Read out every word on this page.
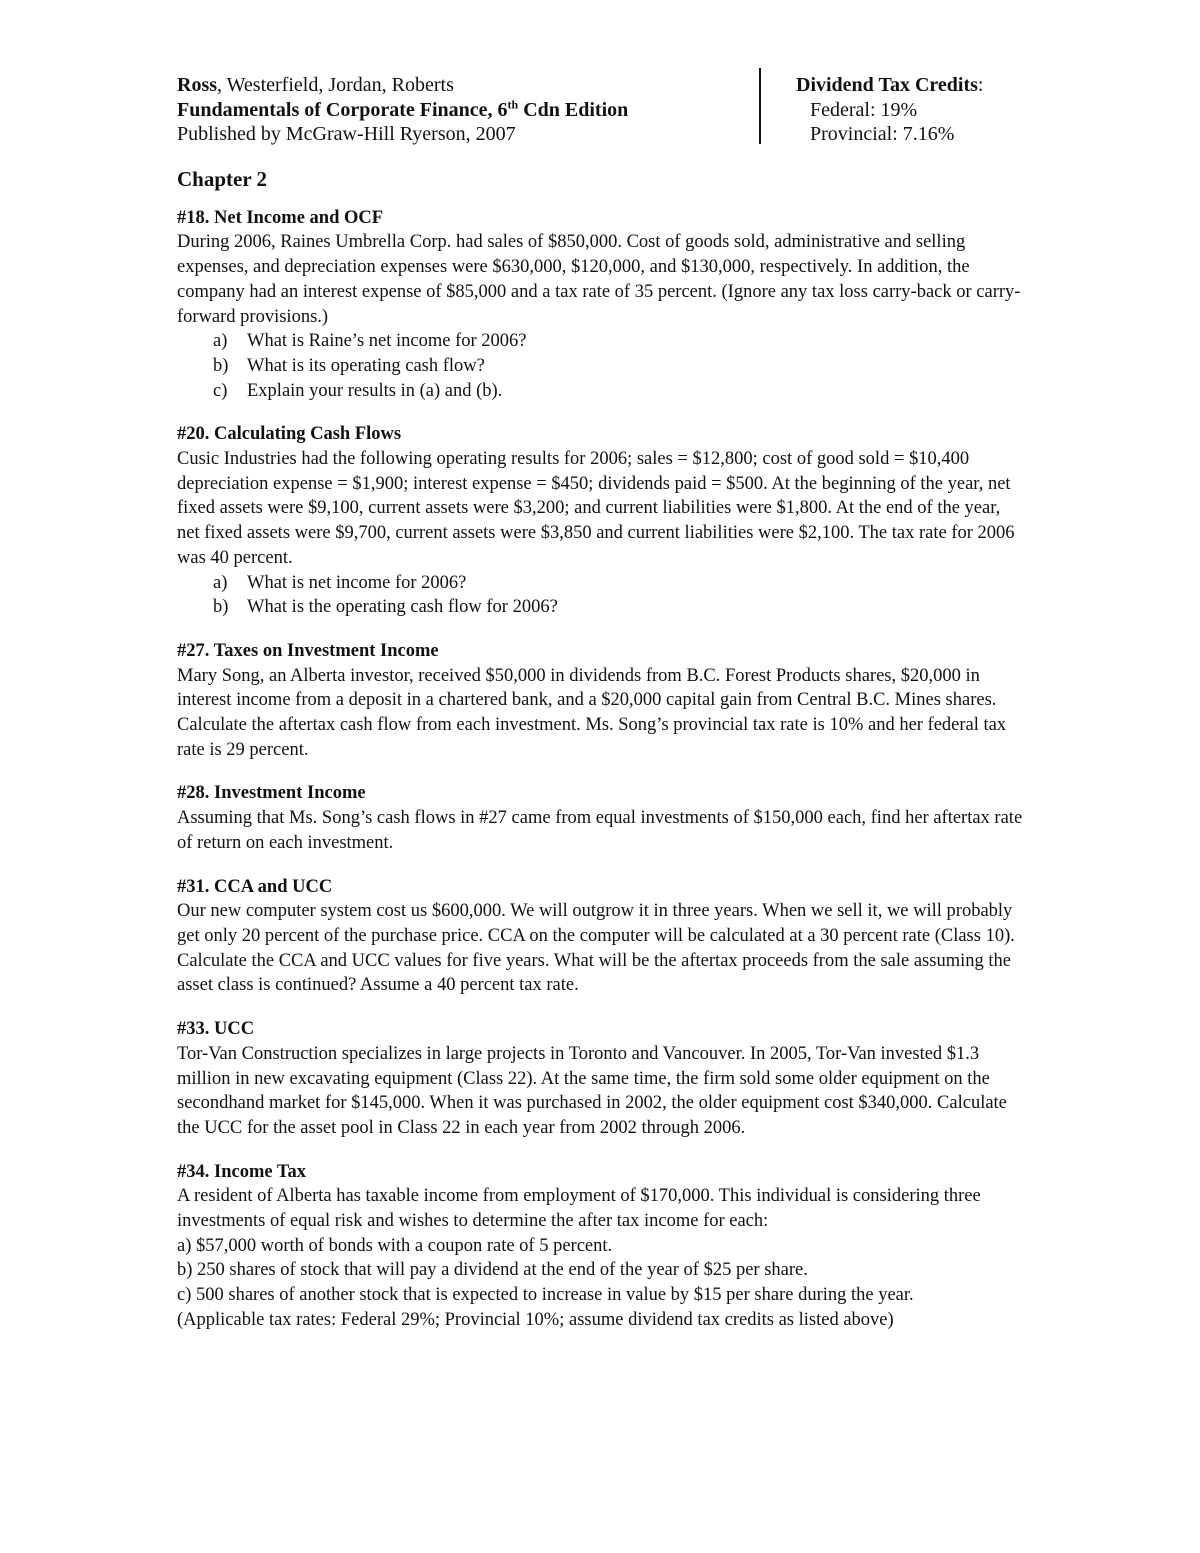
Ross, Westerfield, Jordan, Roberts
Fundamentals of Corporate Finance, 6th Cdn Edition
Published by McGraw-Hill Ryerson, 2007
Dividend Tax Credits:
Federal: 19%
Provincial: 7.16%
Chapter 2
#18. Net Income and OCF
During 2006, Raines Umbrella Corp. had sales of $850,000. Cost of goods sold, administrative and selling expenses, and depreciation expenses were $630,000, $120,000, and $130,000, respectively. In addition, the company had an interest expense of $85,000 and a tax rate of 35 percent. (Ignore any tax loss carry-back or carry-forward provisions.)
a) What is Raine’s net income for 2006?
b) What is its operating cash flow?
c) Explain your results in (a) and (b).
#20. Calculating Cash Flows
Cusic Industries had the following operating results for 2006; sales = $12,800; cost of good sold = $10,400 depreciation expense = $1,900; interest expense = $450; dividends paid = $500. At the beginning of the year, net fixed assets were $9,100, current assets were $3,200; and current liabilities were $1,800. At the end of the year, net fixed assets were $9,700, current assets were $3,850 and current liabilities were $2,100. The tax rate for 2006 was 40 percent.
a) What is net income for 2006?
b) What is the operating cash flow for 2006?
#27. Taxes on Investment Income
Mary Song, an Alberta investor, received $50,000 in dividends from B.C. Forest Products shares, $20,000 in interest income from a deposit in a chartered bank, and a $20,000 capital gain from Central B.C. Mines shares. Calculate the aftertax cash flow from each investment. Ms. Song’s provincial tax rate is 10% and her federal tax rate is 29 percent.
#28. Investment Income
Assuming that Ms. Song’s cash flows in #27 came from equal investments of $150,000 each, find her aftertax rate of return on each investment.
#31. CCA and UCC
Our new computer system cost us $600,000. We will outgrow it in three years. When we sell it, we will probably get only 20 percent of the purchase price. CCA on the computer will be calculated at a 30 percent rate (Class 10). Calculate the CCA and UCC values for five years. What will be the aftertax proceeds from the sale assuming the asset class is continued? Assume a 40 percent tax rate.
#33. UCC
Tor-Van Construction specializes in large projects in Toronto and Vancouver. In 2005, Tor-Van invested $1.3 million in new excavating equipment (Class 22). At the same time, the firm sold some older equipment on the secondhand market for $145,000. When it was purchased in 2002, the older equipment cost $340,000. Calculate the UCC for the asset pool in Class 22 in each year from 2002 through 2006.
#34. Income Tax
A resident of Alberta has taxable income from employment of $170,000. This individual is considering three investments of equal risk and wishes to determine the after tax income for each:
a) $57,000 worth of bonds with a coupon rate of 5 percent.
b) 250 shares of stock that will pay a dividend at the end of the year of $25 per share.
c) 500 shares of another stock that is expected to increase in value by $15 per share during the year.
(Applicable tax rates: Federal 29%; Provincial 10%; assume dividend tax credits as listed above)
